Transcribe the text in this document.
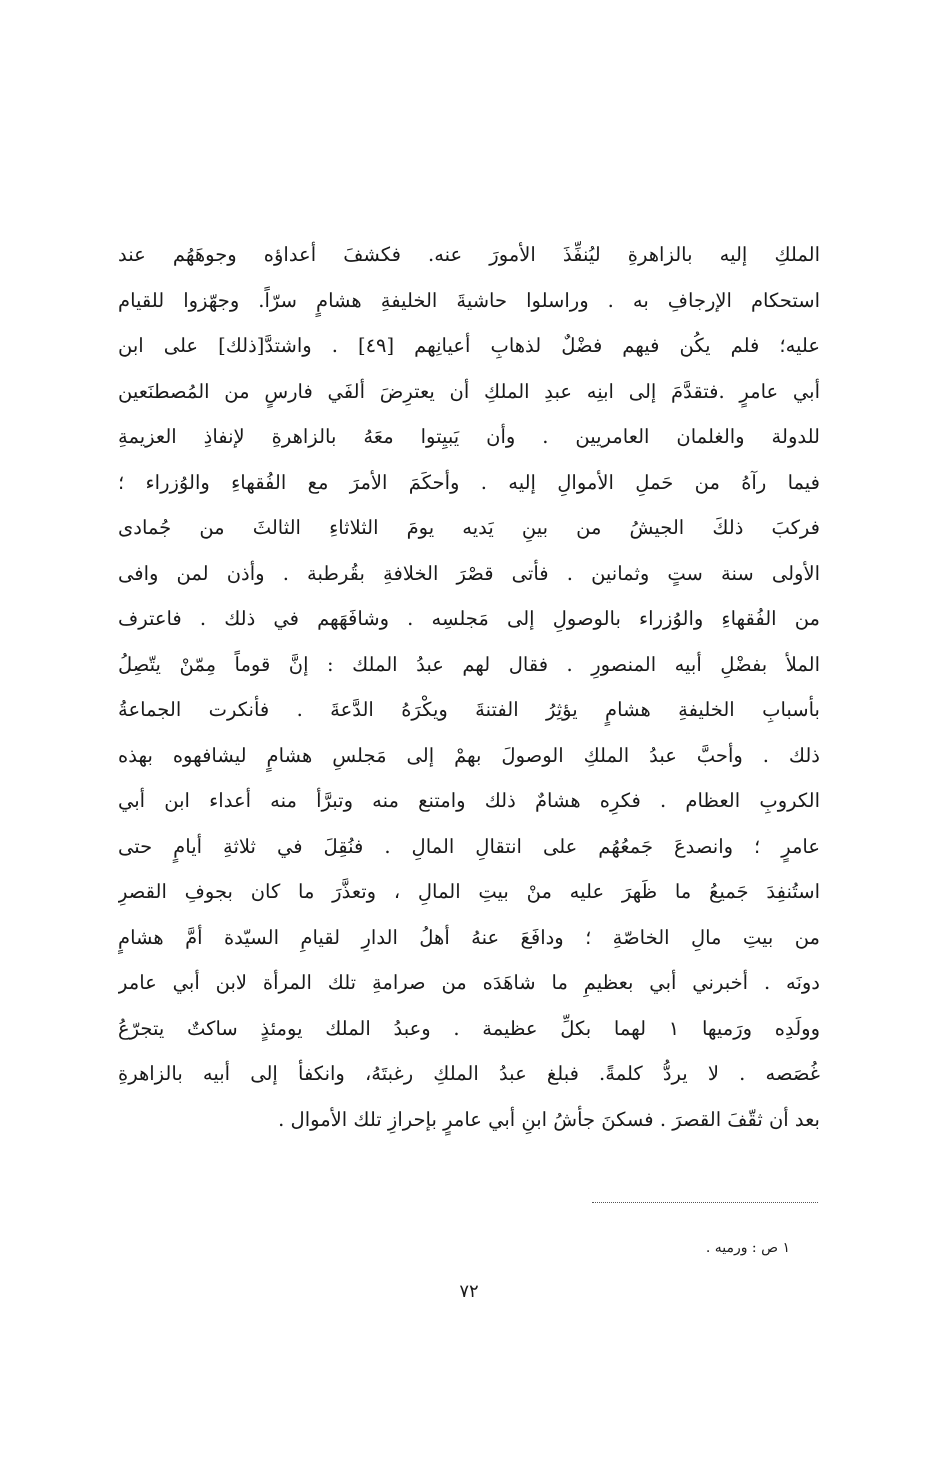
الملكِ إليه بالزاهرةِ ليُنفِّذَ الأمورَ عنه. فكشفَ أعداؤه وجوهَهُم عند
استحكام الإرجافِ به . وراسلوا حاشيةَ الخليفةِ هشامٍ سرّاً. وجهّزوا للقيام
عليه؛ فلم يكُن فيهم فضْلٌ لذهابِ أعيانِهم [٤٩] . واشتدَّ[ذلك] على ابن
أبي عامرٍ .فتقدَّمَ إلى ابنِه عبدِ الملكِ أن يعترِضَ ألفَي فارسٍ من المُصطنَعين
للدولة والغلمان العامريين . وأن يَبيِتوا معَهُ بالزاهرةِ لإنفاذِ العزيمةِ
فيما رآهُ من حَملِ الأموالِ إليه . وأحكَمَ الأمرَ مع الفُقهاءِ والوُزراء ؛
فركبَ ذلكَ الجيشُ من بينِ يَديه يومَ الثلاثاءِ الثالثَ من جُمادى
الأولى سنة ستٍ وثمانين . فأتى قصْرَ الخلافةِ بقُرطبة . وأذن لمن وافى
من الفُقهاءِ والوُزراء بالوصولِ إلى مَجلسِه . وشافَهَهم في ذلك . فاعترف
الملأ بفضْلِ أبيه المنصورِ . فقال لهم عبدُ الملك : إنَّ قوماً مِمّنْ يتّصِلُ
بأسبابِ الخليفةِ هشامٍ يؤثِرُ الفتنةَ ويكْرَهُ الدَّعةَ . فأنكرت الجماعةُ
ذلك . وأحبَّ عبدُ الملكِ الوصولَ بهمْ إلى مَجلسِ هشامٍ ليشافهوه بهذه
الكروبِ العظام . فكرِه هشامٌ ذلك وامتنع منه وتبرَّأ منه أعداء ابن أبي
عامرٍ ؛ وانصدعَ جَمعُهُم على انتقالِ المالِ . فنُقِلَ في ثلاثةِ أيامٍ حتى
استُنفِدَ جَميعُ ما ظَهرَ عليه منْ بيتِ المالِ ، وتعذَّرَ ما كان بجوفِ القصرِ
من بيتِ مالِ الخاصّةِ ؛ ودافَعَ عنهُ أهلُ الدارِ لقيامِ السيّدة أمَّ هشامٍ
دونَه . أخبرني أبي بعظيمِ ما شاهَدَه من صرامةِ تلك المرأة لابن أبي عامر
وولَدِه ورَميها ١ لهما بكلِّ عظيمة . وعبدُ الملك يومئذٍ ساكتٌ يتجرّعُ
غُصَصه . لا يردُّ كلمةً. فبلغ عبدُ الملكِ رغبتَهُ، وانكفأ إلى أبيه بالزاهرةِ
بعد أن ثقّفَ القصرَ . فسكنَ جأشُ ابنِ أبي عامرٍ بإحرازِ تلك الأموال .
١ ص : ورميه .
٧٢
